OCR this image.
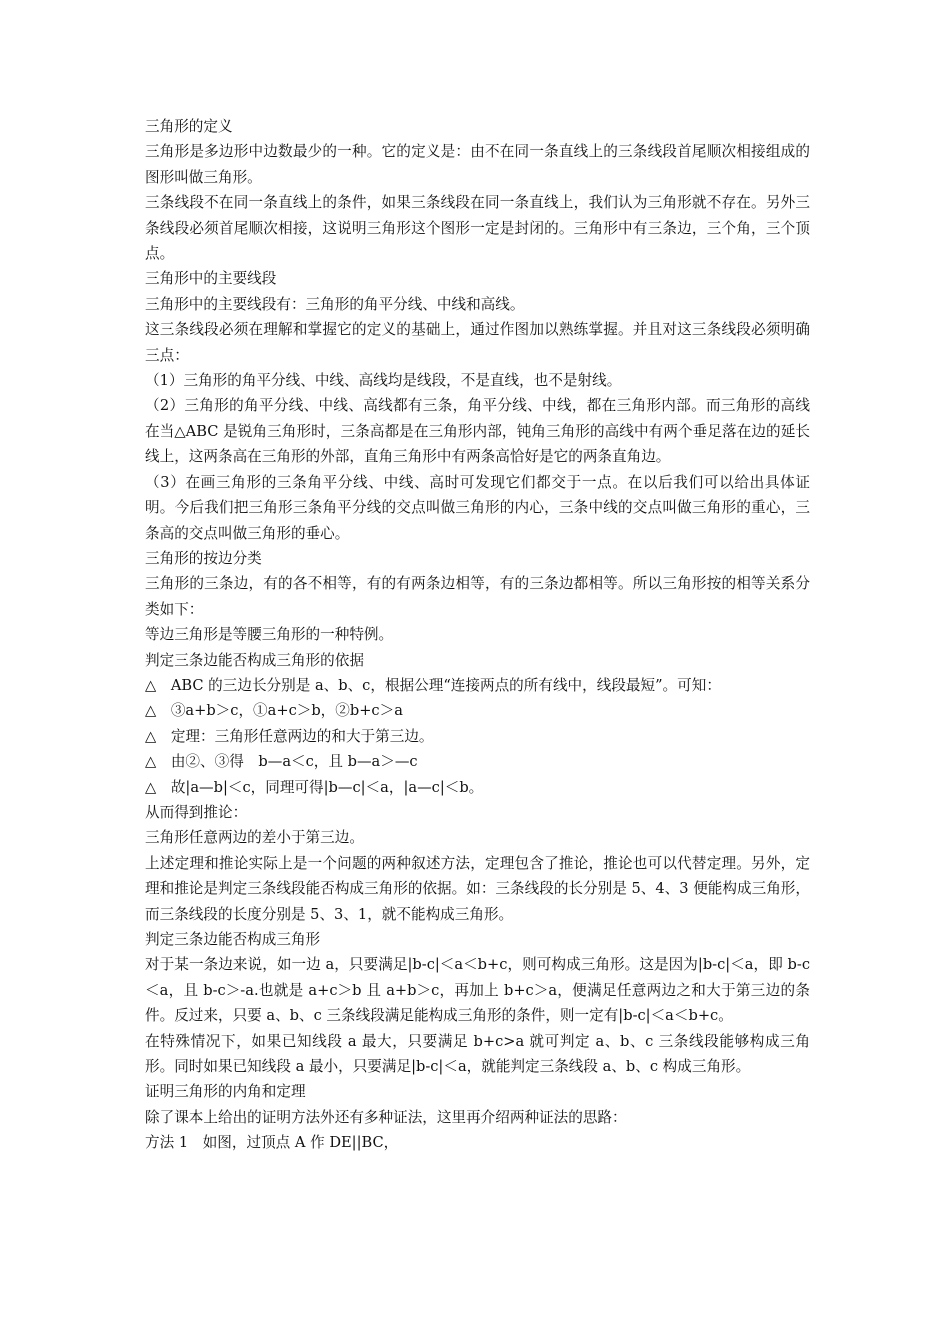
三角形的定义
三角形是多边形中边数最少的一种。它的定义是：由不在同一条直线上的三条线段首尾顺次相接组成的图形叫做三角形。
三条线段不在同一条直线上的条件，如果三条线段在同一条直线上，我们认为三角形就不存在。另外三条线段必须首尾顺次相接，这说明三角形这个图形一定是封闭的。三角形中有三条边，三个角，三个顶点。
三角形中的主要线段
三角形中的主要线段有：三角形的角平分线、中线和高线。
这三条线段必须在理解和掌握它的定义的基础上，通过作图加以熟练掌握。并且对这三条线段必须明确三点：
（1）三角形的角平分线、中线、高线均是线段，不是直线，也不是射线。
（2）三角形的角平分线、中线、高线都有三条，角平分线、中线，都在三角形内部。而三角形的高线在当△ABC 是锐角三角形时，三条高都是在三角形内部，钝角三角形的高线中有两个垂足落在边的延长线上，这两条高在三角形的外部，直角三角形中有两条高恰好是它的两条直角边。
（3）在画三角形的三条角平分线、中线、高时可发现它们都交于一点。在以后我们可以给出具体证明。今后我们把三角形三条角平分线的交点叫做三角形的内心，三条中线的交点叫做三角形的重心，三条高的交点叫做三角形的垂心。
三角形的按边分类
三角形的三条边，有的各不相等，有的有两条边相等，有的三条边都相等。所以三角形按的相等关系分类如下：
等边三角形是等腰三角形的一种特例。
判定三条边能否构成三角形的依据
△　ABC 的三边长分别是 a、b、c，根据公理“连接两点的所有线中，线段最短”。可知：
△　③a+b＞c，①a+c＞b，②b+c＞a
△　定理：三角形任意两边的和大于第三边。
△　由②、③得　b—a＜c，且 b—a＞—c
△　故|a—b|＜c，同理可得|b—c|＜a，|a—c|＜b。
从而得到推论：
三角形任意两边的差小于第三边。
上述定理和推论实际上是一个问题的两种叙述方法，定理包含了推论，推论也可以代替定理。另外，定理和推论是判定三条线段能否构成三角形的依据。如：三条线段的长分别是 5、4、3 便能构成三角形，而三条线段的长度分别是 5、3、1，就不能构成三角形。
判定三条边能否构成三角形
对于某一条边来说，如一边 a，只要满足|b-c|＜a＜b+c，则可构成三角形。这是因为|b-c|＜a，即 b-c＜a，且 b-c＞-a.也就是 a+c＞b 且 a+b＞c，再加上 b+c＞a，便满足任意两边之和大于第三边的条件。反过来，只要 a、b、c 三条线段满足能构成三角形的条件，则一定有|b-c|＜a＜b+c。
在特殊情况下，如果已知线段 a 最大，只要满足 b+c>a 就可判定 a、b、c 三条线段能够构成三角形。同时如果已知线段 a 最小，只要满足|b-c|＜a，就能判定三条线段 a、b、c 构成三角形。
证明三角形的内角和定理
除了课本上给出的证明方法外还有多种证法，这里再介绍两种证法的思路：
方法 1　如图，过顶点 A 作 DE||BC，
